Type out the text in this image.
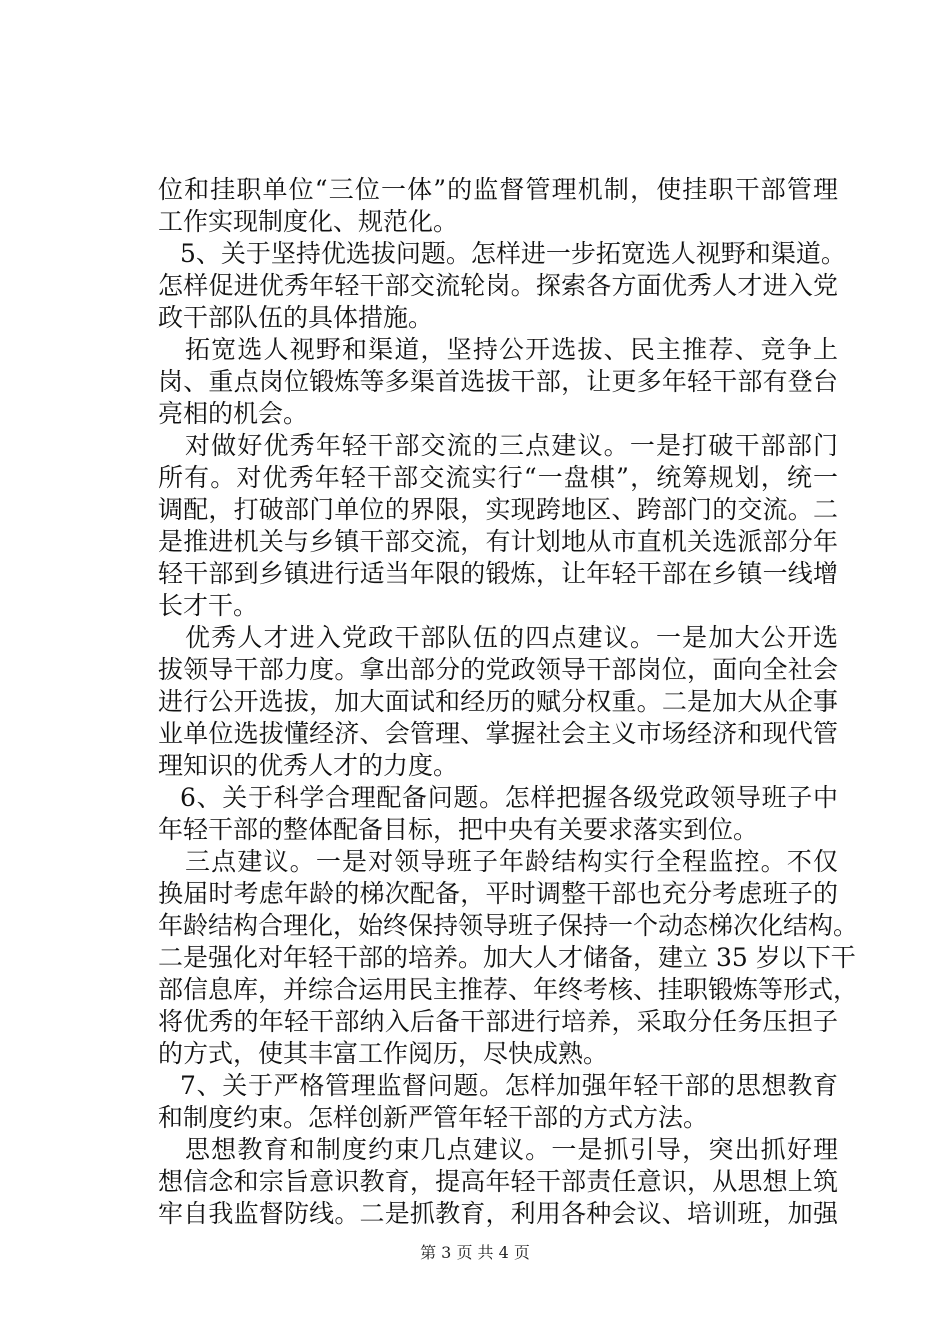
位和挂职单位“三位一体”的监督管理机制，使挂职干部管理
工作实现制度化、规范化。
5、关于坚持优选拔问题。怎样进一步拓宽选人视野和渠道。
怎样促进优秀年轻干部交流轮岗。探索各方面优秀人才进入党
政干部队伍的具体措施。
拓宽选人视野和渠道，坚持公开选拔、民主推荐、竞争上
岗、重点岗位锻炼等多渠首选拔干部，让更多年轻干部有登台
亮相的机会。
对做好优秀年轻干部交流的三点建议。一是打破干部部门
所有。对优秀年轻干部交流实行“一盘棋”，统筹规划，统一
调配，打破部门单位的界限，实现跨地区、跨部门的交流。二
是推进机关与乡镇干部交流，有计划地从市直机关选派部分年
轻干部到乡镇进行适当年限的锻炼，让年轻干部在乡镇一线增
长才干。
优秀人才进入党政干部队伍的四点建议。一是加大公开选
拔领导干部力度。拿出部分的党政领导干部岗位，面向全社会
进行公开选拔，加大面试和经历的赋分权重。二是加大从企事
业单位选拔懂经济、会管理、掌握社会主义市场经济和现代管
理知识的优秀人才的力度。
6、关于科学合理配备问题。怎样把握各级党政领导班子中
年轻干部的整体配备目标，把中央有关要求落实到位。
三点建议。一是对领导班子年龄结构实行全程监控。不仅
换届时考虑年龄的梯次配备，平时调整干部也充分考虑班子的
年龄结构合理化，始终保持领导班子保持一个动态梯次化结构。
二是强化对年轻干部的培养。加大人才储备，建立 35 岁以下干
部信息库，并综合运用民主推荐、年终考核、挂职锻炼等形式，
将优秀的年轻干部纳入后备干部进行培养，采取分任务压担子
的方式，使其丰富工作阅历，尽快成熟。
7、关于严格管理监督问题。怎样加强年轻干部的思想教育
和制度约束。怎样创新严管年轻干部的方式方法。
思想教育和制度约束几点建议。一是抓引导，突出抓好理
想信念和宗旨意识教育，提高年轻干部责任意识，从思想上筑
牢自我监督防线。二是抓教育，利用各种会议、培训班，加强
第 3 页 共 4 页
